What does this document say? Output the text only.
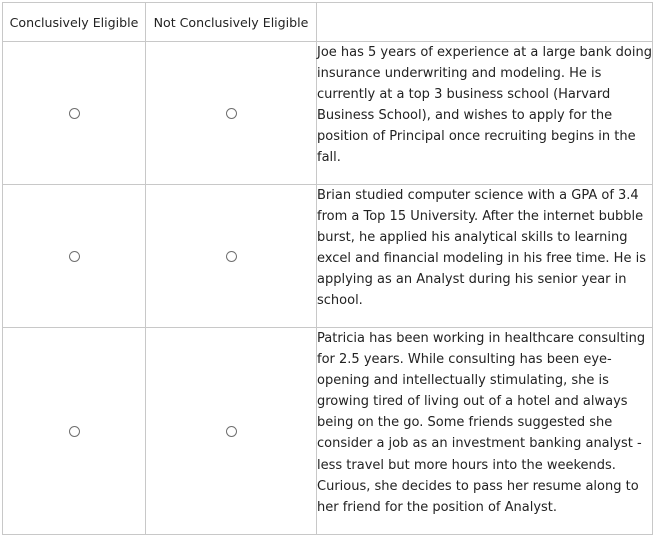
Conclusively Eligible	Not Conclusively Eligible	
		Joe has 5 years of experience at a large bank doing insurance underwriting and modeling. He is currently at a top 3 business school (Harvard Business School), and wishes to apply for the position of Principal once recruiting begins in the fall.
		Brian studied computer science with a GPA of 3.4 from a Top 15 University. After the internet bubble burst, he applied his analytical skills to learning excel and financial modeling in his free time. He is applying as an Analyst during his senior year in school.
		Patricia has been working in healthcare consulting for 2.5 years. While consulting has been eye-opening and intellectually stimulating, she is growing tired of living out of a hotel and always being on the go. Some friends suggested she consider a job as an investment banking analyst - less travel but more hours into the weekends. Curious, she decides to pass her resume along to her friend for the position of Analyst.
